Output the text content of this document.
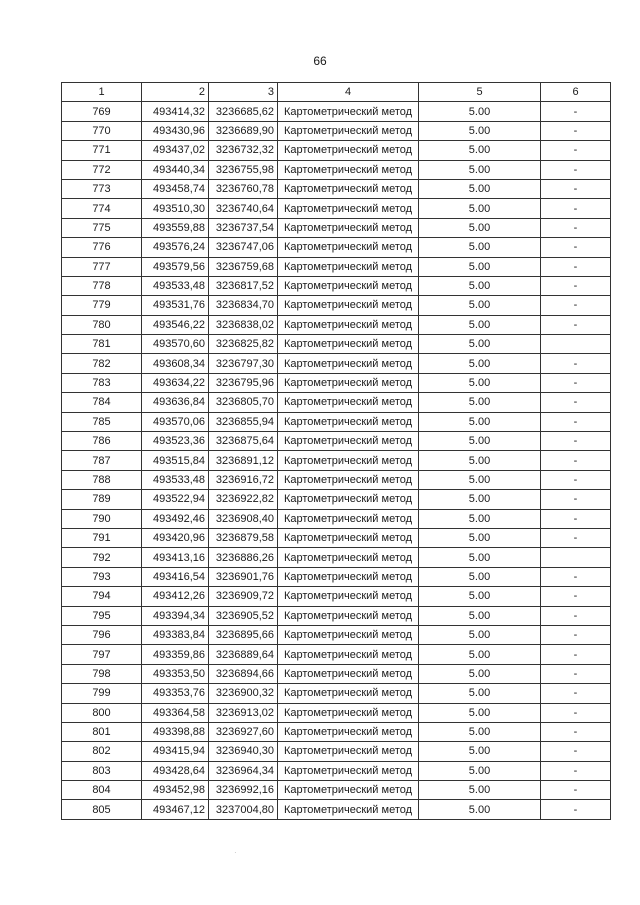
66
1	2	3	4	5	6
769	493414,32	3236685,62	Картометрический метод	5.00	-
770	493430,96	3236689,90	Картометрический метод	5.00	-
771	493437,02	3236732,32	Картометрический метод	5.00	-
772	493440,34	3236755,98	Картометрический метод	5.00	-
773	493458,74	3236760,78	Картометрический метод	5.00	-
774	493510,30	3236740,64	Картометрический метод	5.00	-
775	493559,88	3236737,54	Картометрический метод	5.00	-
776	493576,24	3236747,06	Картометрический метод	5.00	-
777	493579,56	3236759,68	Картометрический метод	5.00	-
778	493533,48	3236817,52	Картометрический метод	5.00	-
779	493531,76	3236834,70	Картометрический метод	5.00	-
780	493546,22	3236838,02	Картометрический метод	5.00	-
781	493570,60	3236825,82	Картометрический метод	5.00	
782	493608,34	3236797,30	Картометрический метод	5.00	-
783	493634,22	3236795,96	Картометрический метод	5.00	-
784	493636,84	3236805,70	Картометрический метод	5.00	-
785	493570,06	3236855,94	Картометрический метод	5.00	-
786	493523,36	3236875,64	Картометрический метод	5.00	-
787	493515,84	3236891,12	Картометрический метод	5.00	-
788	493533,48	3236916,72	Картометрический метод	5.00	-
789	493522,94	3236922,82	Картометрический метод	5.00	-
790	493492,46	3236908,40	Картометрический метод	5.00	-
791	493420,96	3236879,58	Картометрический метод	5.00	-
792	493413,16	3236886,26	Картометрический метод	5.00	
793	493416,54	3236901,76	Картометрический метод	5.00	-
794	493412,26	3236909,72	Картометрический метод	5.00	-
795	493394,34	3236905,52	Картометрический метод	5.00	-
796	493383,84	3236895,66	Картометрический метод	5.00	-
797	493359,86	3236889,64	Картометрический метод	5.00	-
798	493353,50	3236894,66	Картометрический метод	5.00	-
799	493353,76	3236900,32	Картометрический метод	5.00	-
800	493364,58	3236913,02	Картометрический метод	5.00	-
801	493398,88	3236927,60	Картометрический метод	5.00	-
802	493415,94	3236940,30	Картометрический метод	5.00	-
803	493428,64	3236964,34	Картометрический метод	5.00	-
804	493452,98	3236992,16	Картометрический метод	5.00	-
805	493467,12	3237004,80	Картометрический метод	5.00	-
·
